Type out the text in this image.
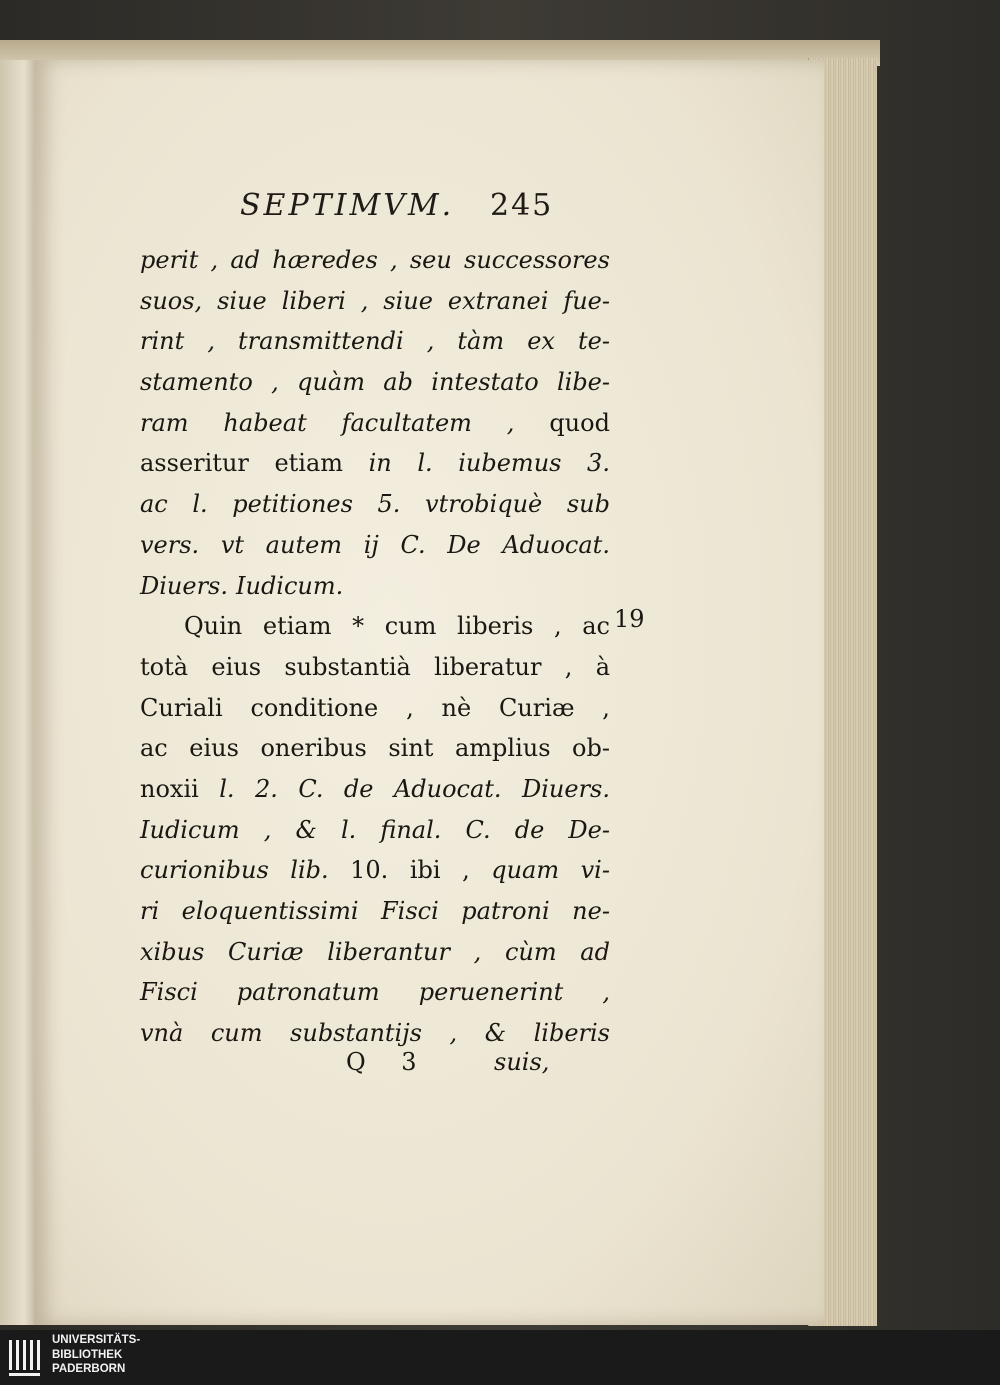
SEPTIMVM. 245
perit , ad hæredes , seu successores
suos, siue liberi , siue extranei fue-
rint , transmittendi , tàm ex te-
stamento , quàm ab intestato libe-
ram habeat facultatem , quod
asseritur etiam in l. iubemus 3.
ac l. petitiones 5. vtrobiquè sub
vers. vt autem ij C. De Aduocat.
Diuers. Iudicum.
Quin etiam * cum liberis , ac
totà eius substantià liberatur , à
Curiali conditione , nè Curiæ ,
ac eius oneribus sint amplius ob-
noxii l. 2. C. de Aduocat. Diuers.
Iudicum , & l. final. C. de De-
curionibus lib. 10. ibi , quam vi-
ri eloquentissimi Fisci patroni ne-
xibus Curiæ liberantur , cùm ad
Fisci patronatum peruenerint ,
vnà cum substantijs , & liberis
19
Q 3	suis,
UNIVERSITÄTS-
BIBLIOTHEK
PADERBORN
